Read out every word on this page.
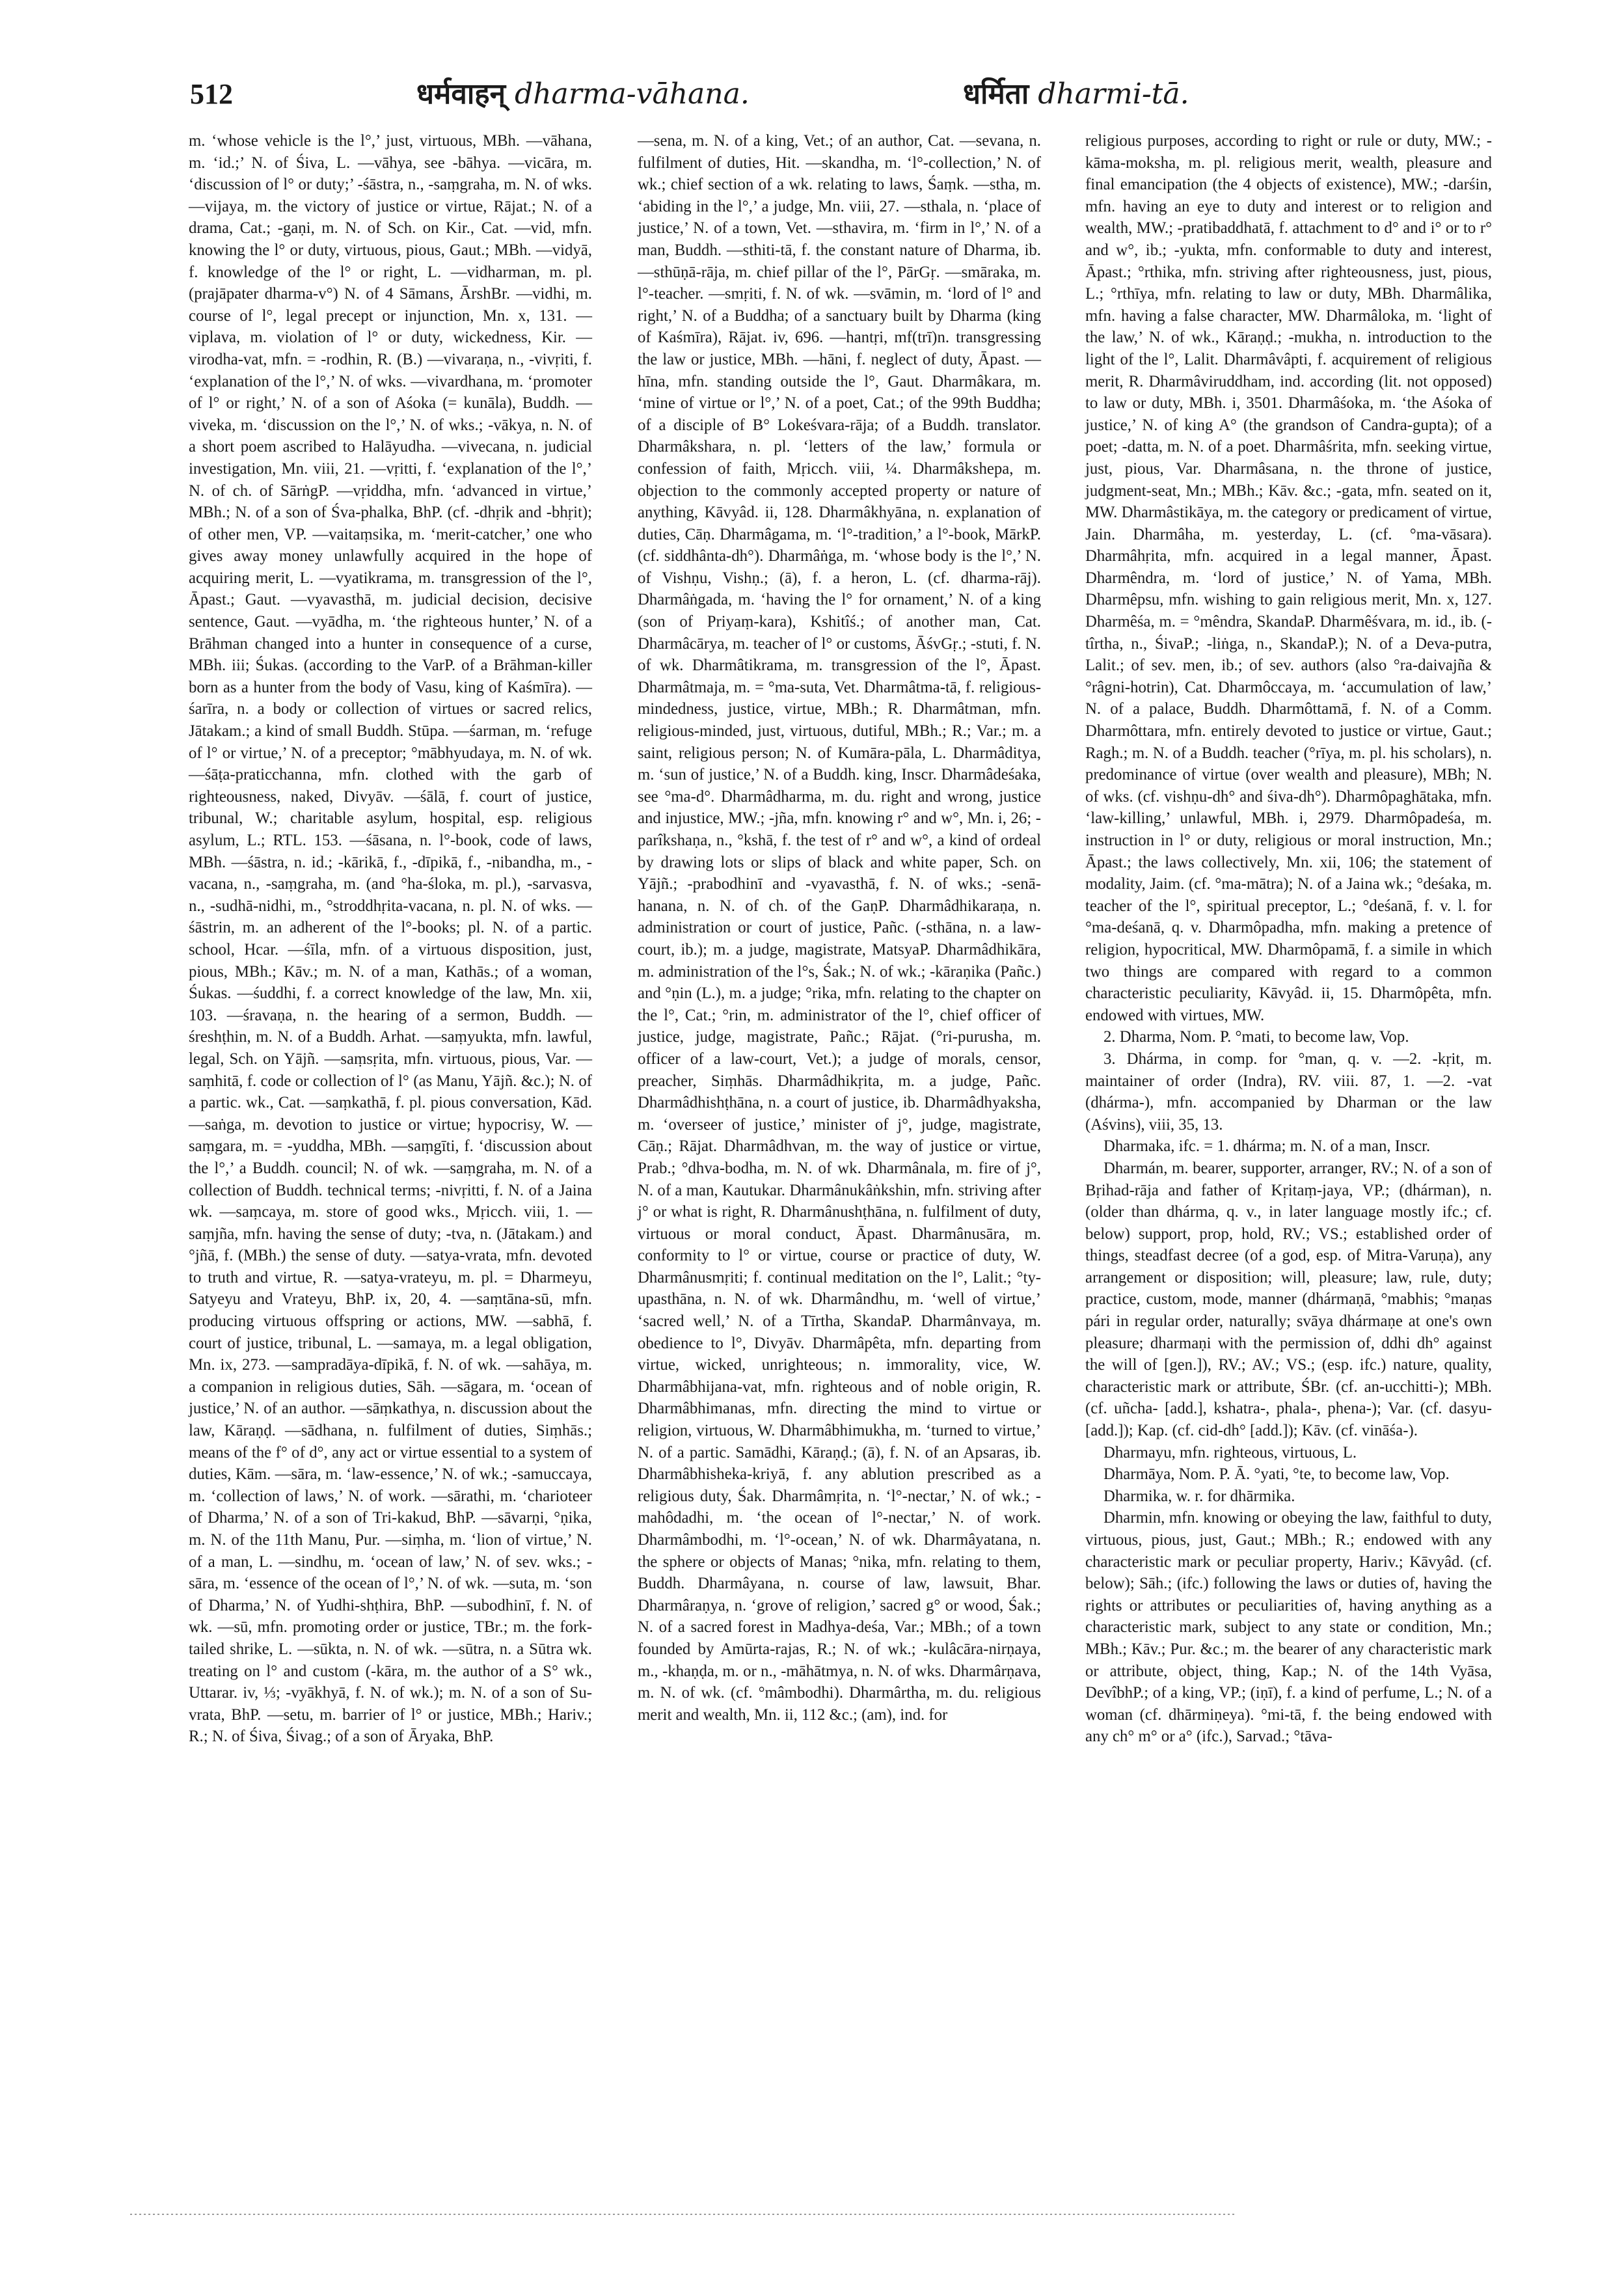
512	धर्मवाहन् dharma-vāhana.	धर्मिता dharmi-tā.

m. ‘whose vehicle is the l°,’ just, virtuous, MBh. —vāhana, m. ‘id.;’ N. of Śiva, L. —vāhya, see -bāhya. —vicāra, m. ‘discussion of l° or duty;’ -śāstra, n., -saṃgraha, m. N. of wks. —vijaya, m. the victory of justice or virtue, Rājat.; N. of a drama, Cat.; -gaṇi, m. N. of Sch. on Kir., Cat. —vid, mfn. knowing the l° or duty, virtuous, pious, Gaut.; MBh. —vidyā, f. knowledge of the l° or right, L. —vidharman, m. pl. (prajāpater dharma-v°) N. of 4 Sāmans, ĀrshBr. —vidhi, m. course of l°, legal precept or injunction, Mn. x, 131. —viplava, m. violation of l° or duty, wickedness, Kir. —virodha-vat, mfn. = -rodhin, R. (B.) —vivaraṇa, n., -vivṛiti, f. ‘explanation of the l°,’ N. of wks. —vivardhana, m. ‘promoter of l° or right,’ N. of a son of Aśoka (= kunāla), Buddh. —viveka, m. ‘discussion on the l°,’ N. of wks.; -vākya, n. N. of a short poem ascribed to Halāyudha. —vivecana, n. judicial investigation, Mn. viii, 21. —vṛitti, f. ‘explanation of the l°,’ N. of ch. of SārṅgP. —vṛiddha, mfn. ‘advanced in virtue,’ MBh.; N. of a son of Śva-phalka, BhP. (cf. -dhṛik and -bhṛit); of other men, VP. —vaitaṃsika, m. ‘merit-catcher,’ one who gives away money unlawfully acquired in the hope of acquiring merit, L. —vyatikrama, m. transgression of the l°, Āpast.; Gaut. —vyavasthā, m. judicial decision, decisive sentence, Gaut. —vyādha, m. ‘the righteous hunter,’ N. of a Brāhman changed into a hunter in consequence of a curse, MBh. iii; Śukas. (according to the VarP. of a Brāhman-killer born as a hunter from the body of Vasu, king of Kaśmīra). —śarīra, n. a body or collection of virtues or sacred relics, Jātakam.; a kind of small Buddh. Stūpa. —śarman, m. ‘refuge of l° or virtue,’ N. of a preceptor; °mābhyudaya, m. N. of wk. —śāṭa-praticchanna, mfn. clothed with the garb of righteousness, naked, Divyāv. —śālā, f. court of justice, tribunal, W.; charitable asylum, hospital, esp. religious asylum, L.; RTL. 153. —śāsana, n. l°-book, code of laws, MBh. —śāstra, n. id.; -kārikā, f., -dīpikā, f., -nibandha, m., -vacana, n., -saṃgraha, m. (and °ha-śloka, m. pl.), -sarvasva, n., -sudhā-nidhi, m., °stroddhṛita-vacana, n. pl. N. of wks. —śāstrin, m. an adherent of the l°-books; pl. N. of a partic. school, Hcar. —śīla, mfn. of a virtuous disposition, just, pious, MBh.; Kāv.; m. N. of a man, Kathās.; of a woman, Śukas. —śuddhi, f. a correct knowledge of the law, Mn. xii, 103. —śravaṇa, n. the hearing of a sermon, Buddh. —śreshṭhin, m. N. of a Buddh. Arhat. —saṃyukta, mfn. lawful, legal, Sch. on Yājñ. —saṃsṛita, mfn. virtuous, pious, Var. —saṃhitā, f. code or collection of l° (as Manu, Yājñ. &c.); N. of a partic. wk., Cat. —saṃkathā, f. pl. pious conversation, Kād. —saṅga, m. devotion to justice or virtue; hypocrisy, W. —saṃgara, m. = -yuddha, MBh. —saṃgīti, f. ‘discussion about the l°,’ a Buddh. council; N. of wk. —saṃgraha, m. N. of a collection of Buddh. technical terms; -nivṛitti, f. N. of a Jaina wk. —saṃcaya, m. store of good wks., Mṛicch. viii, 1. —saṃjña, mfn. having the sense of duty; -tva, n. (Jātakam.) and °jñā, f. (MBh.) the sense of duty. —satya-vrata, mfn. devoted to truth and virtue, R. —satya-vrateyu, m. pl. = Dharmeyu, Satyeyu and Vrateyu, BhP. ix, 20, 4. —saṃtāna-sū, mfn. producing virtuous offspring or actions, MW. —sabhā, f. court of justice, tribunal, L. —samaya, m. a legal obligation, Mn. ix, 273. —sampradāya-dīpikā, f. N. of wk. —sahāya, m. a companion in religious duties, Sāh. —sāgara, m. ‘ocean of justice,’ N. of an author. —sāṃkathya, n. discussion about the law, Kāraṇḍ. —sādhana, n. fulfilment of duties, Siṃhās.; means of the f° of d°, any act or virtue essential to a system of duties, Kām. —sāra, m. ‘law-essence,’ N. of wk.; -samuccaya, m. ‘collection of laws,’ N. of work. —sārathi, m. ‘charioteer of Dharma,’ N. of a son of Tri-kakud, BhP. —sāvarṇi, °ṇika, m. N. of the 11th Manu, Pur. —siṃha, m. ‘lion of virtue,’ N. of a man, L. —sindhu, m. ‘ocean of law,’ N. of sev. wks.; -sāra, m. ‘essence of the ocean of l°,’ N. of wk. —suta, m. ‘son of Dharma,’ N. of Yudhi-shṭhira, BhP. —subodhinī, f. N. of wk. —sū, mfn. promoting order or justice, TBr.; m. the fork-tailed shrike, L. —sūkta, n. N. of wk. —sūtra, n. a Sūtra wk. treating on l° and custom (-kāra, m. the author of a S° wk., Uttarar. iv, ⅓; -vyākhyā, f. N. of wk.); m. N. of a son of Su-vrata, BhP. —setu, m. barrier of l° or justice, MBh.; Hariv.; R.; N. of Śiva, Śivag.; of a son of Āryaka, BhP.

—sena, m. N. of a king, Vet.; of an author, Cat. —sevana, n. fulfilment of duties, Hit. —skandha, m. ‘l°-collection,’ N. of wk.; chief section of a wk. relating to laws, Śaṃk. —stha, m. ‘abiding in the l°,’ a judge, Mn. viii, 27. —sthala, n. ‘place of justice,’ N. of a town, Vet. —sthavira, m. ‘firm in l°,’ N. of a man, Buddh. —sthiti-tā, f. the constant nature of Dharma, ib. —sthūṇā-rāja, m. chief pillar of the l°, PārGṛ. —smāraka, m. l°-teacher. —smṛiti, f. N. of wk. —svāmin, m. ‘lord of l° and right,’ N. of a Buddha; of a sanctuary built by Dharma (king of Kaśmīra), Rājat. iv, 696. —hantṛi, mf(trī)n. transgressing the law or justice, MBh. —hāni, f. neglect of duty, Āpast. —hīna, mfn. standing outside the l°, Gaut. Dharmâkara, m. ‘mine of virtue or l°,’ N. of a poet, Cat.; of the 99th Buddha; of a disciple of B° Lokeśvara-rāja; of a Buddh. translator. Dharmâkshara, n. pl. ‘letters of the law,’ formula or confession of faith, Mṛicch. viii, ¼. Dharmâkshepa, m. objection to the commonly accepted property or nature of anything, Kāvyâd. ii, 128. Dharmâkhyāna, n. explanation of duties, Cāṇ. Dharmâgama, m. ‘l°-tradition,’ a l°-book, MārkP. (cf. siddhânta-dh°). Dharmâṅga, m. ‘whose body is the l°,’ N. of Vishṇu, Vishṇ.; (ā), f. a heron, L. (cf. dharma-rāj). Dharmâṅgada, m. ‘having the l° for ornament,’ N. of a king (son of Priyaṃ-kara), Kshitîś.; of another man, Cat. Dharmâcārya, m. teacher of l° or customs, ĀśvGṛ.; -stuti, f. N. of wk. Dharmâtikrama, m. transgression of the l°, Āpast. Dharmâtmaja, m. = °ma-suta, Vet. Dharmâtma-tā, f. religious-mindedness, justice, virtue, MBh.; R. Dharmâtman, mfn. religious-minded, just, virtuous, dutiful, MBh.; R.; Var.; m. a saint, religious person; N. of Kumāra-pāla, L. Dharmâditya, m. ‘sun of justice,’ N. of a Buddh. king, Inscr. Dharmâdeśaka, see °ma-d°. Dharmâdharma, m. du. right and wrong, justice and injustice, MW.; -jña, mfn. knowing r° and w°, Mn. i, 26; -parîkshaṇa, n., °kshā, f. the test of r° and w°, a kind of ordeal by drawing lots or slips of black and white paper, Sch. on Yājñ.; -prabodhinī and -vyavasthā, f. N. of wks.; -senā-hanana, n. N. of ch. of the GaṇP. Dharmâdhikaraṇa, n. administration or court of justice, Pañc. (-sthāna, n. a law-court, ib.); m. a judge, magistrate, MatsyaP. Dharmâdhikāra, m. administration of the l°s, Śak.; N. of wk.; -kāraṇika (Pañc.) and °ṇin (L.), m. a judge; °rika, mfn. relating to the chapter on the l°, Cat.; °rin, m. administrator of the l°, chief officer of justice, judge, magistrate, Pañc.; Rājat. (°ri-purusha, m. officer of a law-court, Vet.); a judge of morals, censor, preacher, Siṃhās. Dharmâdhikṛita, m. a judge, Pañc. Dharmâdhishṭhāna, n. a court of justice, ib. Dharmâdhyaksha, m. ‘overseer of justice,’ minister of j°, judge, magistrate, Cāṇ.; Rājat. Dharmâdhvan, m. the way of justice or virtue, Prab.; °dhva-bodha, m. N. of wk. Dharmânala, m. fire of j°, N. of a man, Kautukar. Dharmânukâṅkshin, mfn. striving after j° or what is right, R. Dharmânushṭhāna, n. fulfilment of duty, virtuous or moral conduct, Āpast. Dharmânusāra, m. conformity to l° or virtue, course or practice of duty, W. Dharmânusmṛiti; f. continual meditation on the l°, Lalit.; °ty-upasthāna, n. N. of wk. Dharmândhu, m. ‘well of virtue,’ ‘sacred well,’ N. of a Tīrtha, SkandaP. Dharmânvaya, m. obedience to l°, Divyāv. Dharmâpêta, mfn. departing from virtue, wicked, unrighteous; n. immorality, vice, W. Dharmâbhijana-vat, mfn. righteous and of noble origin, R. Dharmâbhimanas, mfn. directing the mind to virtue or religion, virtuous, W. Dharmâbhimukha, m. ‘turned to virtue,’ N. of a partic. Samādhi, Kāraṇḍ.; (ā), f. N. of an Apsaras, ib. Dharmâbhisheka-kriyā, f. any ablution prescribed as a religious duty, Śak. Dharmâmṛita, n. ‘l°-nectar,’ N. of wk.; -mahôdadhi, m. ‘the ocean of l°-nectar,’ N. of work. Dharmâmbodhi, m. ‘l°-ocean,’ N. of wk. Dharmâyatana, n. the sphere or objects of Manas; °nika, mfn. relating to them, Buddh. Dharmâyana, n. course of law, lawsuit, Bhar. Dharmâraṇya, n. ‘grove of religion,’ sacred g° or wood, Śak.; N. of a sacred forest in Madhya-deśa, Var.; MBh.; of a town founded by Amūrta-rajas, R.; N. of wk.; -kulâcāra-nirṇaya, m., -khaṇḍa, m. or n., -māhātmya, n. N. of wks. Dharmârṇava, m. N. of wk. (cf. °mâmbodhi). Dharmârtha, m. du. religious merit and wealth, Mn. ii, 112 &c.; (am), ind. for

religious purposes, according to right or rule or duty, MW.; -kāma-moksha, m. pl. religious merit, wealth, pleasure and final emancipation (the 4 objects of existence), MW.; -darśin, mfn. having an eye to duty and interest or to religion and wealth, MW.; -pratibaddhatā, f. attachment to d° and i° or to r° and w°, ib.; -yukta, mfn. conformable to duty and interest, Āpast.; °rthika, mfn. striving after righteousness, just, pious, L.; °rthīya, mfn. relating to law or duty, MBh. Dharmâlika, mfn. having a false character, MW. Dharmâloka, m. ‘light of the law,’ N. of wk., Kāraṇḍ.; -mukha, n. introduction to the light of the l°, Lalit. Dharmâvâpti, f. acquirement of religious merit, R. Dharmâviruddham, ind. according (lit. not opposed) to law or duty, MBh. i, 3501. Dharmâśoka, m. ‘the Aśoka of justice,’ N. of king A° (the grandson of Candra-gupta); of a poet; -datta, m. N. of a poet. Dharmâśrita, mfn. seeking virtue, just, pious, Var. Dharmâsana, n. the throne of justice, judgment-seat, Mn.; MBh.; Kāv. &c.; -gata, mfn. seated on it, MW. Dharmâstikāya, m. the category or predicament of virtue, Jain. Dharmâha, m. yesterday, L. (cf. °ma-vāsara). Dharmâhṛita, mfn. acquired in a legal manner, Āpast. Dharmêndra, m. ‘lord of justice,’ N. of Yama, MBh. Dharmêpsu, mfn. wishing to gain religious merit, Mn. x, 127. Dharmêśa, m. = °mêndra, SkandaP. Dharmêśvara, m. id., ib. (-tîrtha, n., ŚivaP.; -liṅga, n., SkandaP.); N. of a Deva-putra, Lalit.; of sev. men, ib.; of sev. authors (also °ra-daivajña & °râgni-hotrin), Cat. Dharmôccaya, m. ‘accumulation of law,’ N. of a palace, Buddh. Dharmôttamā, f. N. of a Comm. Dharmôttara, mfn. entirely devoted to justice or virtue, Gaut.; Ragh.; m. N. of a Buddh. teacher (°rīya, m. pl. his scholars), n. predominance of virtue (over wealth and pleasure), MBh; N. of wks. (cf. vishṇu-dh° and śiva-dh°). Dharmôpaghātaka, mfn. ‘law-killing,’ unlawful, MBh. i, 2979. Dharmôpadeśa, m. instruction in l° or duty, religious or moral instruction, Mn.; Āpast.; the laws collectively, Mn. xii, 106; the statement of modality, Jaim. (cf. °ma-mātra); N. of a Jaina wk.; °deśaka, m. teacher of the l°, spiritual preceptor, L.; °deśanā, f. v. l. for °ma-deśanā, q. v. Dharmôpadha, mfn. making a pretence of religion, hypocritical, MW. Dharmôpamā, f. a simile in which two things are compared with regard to a common characteristic peculiarity, Kāvyâd. ii, 15. Dharmôpêta, mfn. endowed with virtues, MW.

2. Dharma, Nom. P. °mati, to become law, Vop.

3. Dhárma, in comp. for °man, q. v. —2. -kṛit, m. maintainer of order (Indra), RV. viii. 87, 1. —2. -vat (dhárma-), mfn. accompanied by Dharman or the law (Aśvins), viii, 35, 13.

Dharmaka, ifc. = 1. dhárma; m. N. of a man, Inscr.

Dharmán, m. bearer, supporter, arranger, RV.; N. of a son of Bṛihad-rāja and father of Kṛitaṃ-jaya, VP.; (dhárman), n. (older than dhárma, q. v., in later language mostly ifc.; cf. below) support, prop, hold, RV.; VS.; established order of things, steadfast decree (of a god, esp. of Mitra-Varuṇa), any arrangement or disposition; will, pleasure; law, rule, duty; practice, custom, mode, manner (dhármaṇā, °mabhis; °maṇas pári in regular order, naturally; svāya dhármaṇe at one's own pleasure; dharmaṇi with the permission of, ddhi dh° against the will of [gen.]), RV.; AV.; VS.; (esp. ifc.) nature, quality, characteristic mark or attribute, ŚBr. (cf. an-ucchitti-); MBh. (cf. uñcha- [add.], kshatra-, phala-, phena-); Var. (cf. dasyu- [add.]); Kap. (cf. cid-dh° [add.]); Kāv. (cf. vināśa-).

Dharmayu, mfn. righteous, virtuous, L.

Dharmāya, Nom. P. Ā. °yati, °te, to become law, Vop.

Dharmika, w. r. for dhārmika.

Dharmin, mfn. knowing or obeying the law, faithful to duty, virtuous, pious, just, Gaut.; MBh.; R.; endowed with any characteristic mark or peculiar property, Hariv.; Kāvyâd. (cf. below); Sāh.; (ifc.) following the laws or duties of, having the rights or attributes or peculiarities of, having anything as a characteristic mark, subject to any state or condition, Mn.; MBh.; Kāv.; Pur. &c.; m. the bearer of any characteristic mark or attribute, object, thing, Kap.; N. of the 14th Vyāsa, DevîbhP.; of a king, VP.; (iṇī), f. a kind of perfume, L.; N. of a woman (cf. dhārmiṇeya). °mi-tā, f. the being endowed with any ch° m° or a° (ifc.), Sarvad.; °tāva-
